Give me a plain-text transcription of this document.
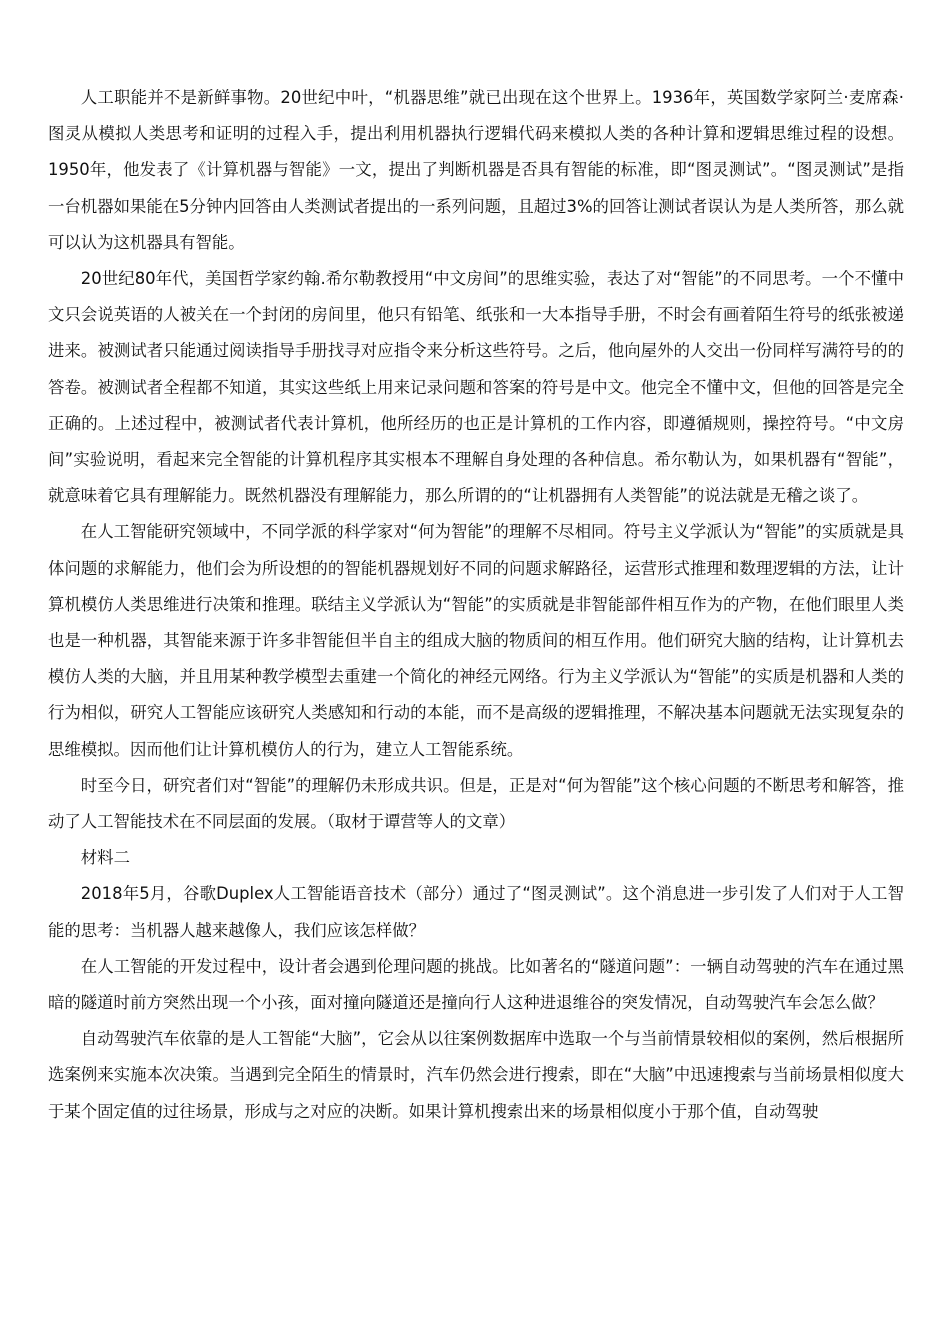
人工职能并不是新鲜事物。20世纪中叶，“机器思维”就已出现在这个世界上。1936年，英国数学家阿兰·麦席森·图灵从模拟人类思考和证明的过程入手，提出利用机器执行逻辑代码来模拟人类的各种计算和逻辑思维过程的设想。1950年，他发表了《计算机器与智能》一文，提出了判断机器是否具有智能的标准，即“图灵测试”。“图灵测试”是指一台机器如果能在5分钟内回答由人类测试者提出的一系列问题，且超过3%的回答让测试者误认为是人类所答，那么就可以认为这机器具有智能。

20世纪80年代，美国哲学家约翰.希尔勒教授用“中文房间”的思维实验，表达了对“智能”的不同思考。一个不懂中文只会说英语的人被关在一个封闭的房间里，他只有铅笔、纸张和一大本指导手册，不时会有画着陌生符号的纸张被递进来。被测试者只能通过阅读指导手册找寻对应指令来分析这些符号。之后，他向屋外的人交出一份同样写满符号的的答卷。被测试者全程都不知道，其实这些纸上用来记录问题和答案的符号是中文。他完全不懂中文，但他的回答是完全正确的。上述过程中，被测试者代表计算机，他所经历的也正是计算机的工作内容，即遵循规则，操控符号。“中文房间”实验说明，看起来完全智能的计算机程序其实根本不理解自身处理的各种信息。希尔勒认为，如果机器有“智能”，就意味着它具有理解能力。既然机器没有理解能力，那么所谓的的“让机器拥有人类智能”的说法就是无稽之谈了。

在人工智能研究领域中，不同学派的科学家对“何为智能”的理解不尽相同。符号主义学派认为“智能”的实质就是具体问题的求解能力，他们会为所设想的的智能机器规划好不同的问题求解路径，运营形式推理和数理逻辑的方法，让计算机模仿人类思维进行决策和推理。联结主义学派认为“智能”的实质就是非智能部件相互作为的产物，在他们眼里人类也是一种机器，其智能来源于许多非智能但半自主的组成大脑的物质间的相互作用。他们研究大脑的结构，让计算机去模仿人类的大脑，并且用某种教学模型去重建一个简化的神经元网络。行为主义学派认为“智能”的实质是机器和人类的行为相似，研究人工智能应该研究人类感知和行动的本能，而不是高级的逻辑推理，不解决基本问题就无法实现复杂的思维模拟。因而他们让计算机模仿人的行为，建立人工智能系统。

时至今日，研究者们对“智能”的理解仍未形成共识。但是，正是对“何为智能”这个核心问题的不断思考和解答，推动了人工智能技术在不同层面的发展。（取材于谭营等人的文章）

材料二

2018年5月，谷歌Duplex人工智能语音技术（部分）通过了“图灵测试”。这个消息进一步引发了人们对于人工智能的思考：当机器人越来越像人，我们应该怎样做？

在人工智能的开发过程中，设计者会遇到伦理问题的挑战。比如著名的“隧道问题”：一辆自动驾驶的汽车在通过黑暗的隧道时前方突然出现一个小孩，面对撞向隧道还是撞向行人这种进退维谷的突发情况，自动驾驶汽车会怎么做？

自动驾驶汽车依靠的是人工智能“大脑”，它会从以往案例数据库中选取一个与当前情景较相似的案例，然后根据所选案例来实施本次决策。当遇到完全陌生的情景时，汽车仍然会进行搜索，即在“大脑”中迅速搜索与当前场景相似度大于某个固定值的过往场景，形成与之对应的决断。如果计算机搜索出来的场景相似度小于那个值，自动驾驶
